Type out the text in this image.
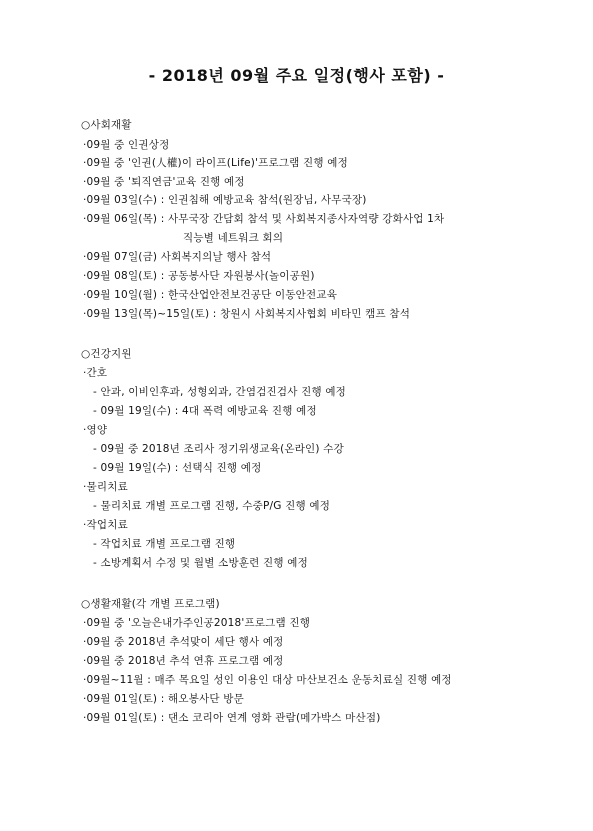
- 2018년 09월 주요 일정(행사 포함) -
○사회재활
·09월 중 인권상정
·09월 중 '인권(人權)이 라이프(Life)'프로그램 진행 예정
·09월 중 '퇴직연금'교육 진행 예정
·09월 03일(수) : 인권침해 예방교육 참석(원장님, 사무국장)
·09월 06일(목) : 사무국장 간담회 참석 및 사회복지종사자역량 강화사업 1차
직능별 네트워크 회의
·09월 07일(금) 사회복지의날 행사 참석
·09월 08일(토) : 공동봉사단 자원봉사(놀이공원)
·09월 10일(월) : 한국산업안전보건공단 이동안전교육
·09월 13일(목)~15일(토) : 창원시 사회복지사협회 비타민 캠프 참석
○건강지원
·간호
- 안과, 이비인후과, 성형외과, 간염검진검사 진행 예정
- 09월 19일(수) : 4대 폭력 예방교육 진행 예정
·영양
- 09월 중 2018년 조리사 정기위생교육(온라인) 수강
- 09월 19일(수) : 선택식 진행 예정
·물리치료
- 물리치료 개별 프로그램 진행, 수중P/G 진행 예정
·작업치료
- 작업치료 개별 프로그램 진행
- 소방계획서 수정 및 월별 소방훈련 진행 예정
○생활재활(각 개별 프로그램)
·09월 중 '오늘은내가주인공2018'프로그램 진행
·09월 중 2018년 추석맞이 세단 행사 예정
·09월 중 2018년 추석 연휴 프로그램 예정
·09월~11월 : 매주 목요일 성인 이용인 대상 마산보건소 운동치료실 진행 예정
·09월 01일(토) : 해오봉사단 방문
·09월 01일(토) : 댄소 코리아 연계 영화 관람(메가박스 마산점)
